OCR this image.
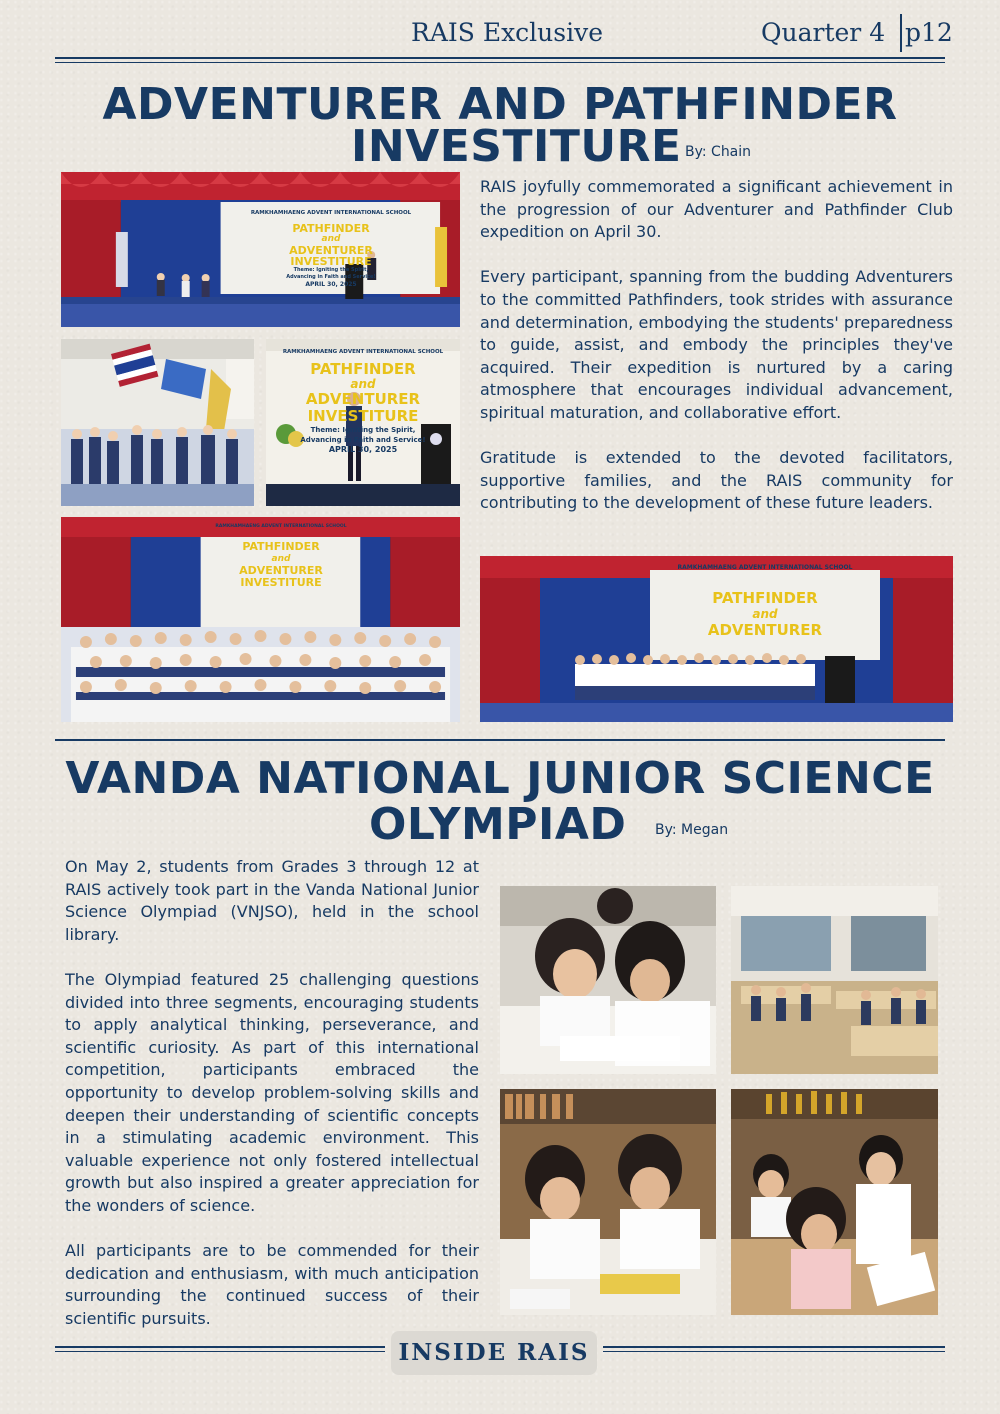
RAIS Exclusive	Quarter 4 p12
ADVENTURER AND PATHFINDER
INVESTITURE By: Chain

RAIS joyfully commemorated a significant achievement in the progression of our Adventurer and Pathfinder Club expedition on April 30.

Every participant, spanning from the budding Adventurers to the committed Pathfinders, took strides with assurance and determination, embodying the students' preparedness to guide, assist, and embody the principles they've acquired. Their expedition is nurtured by a caring atmosphere that encourages individual advancement, spiritual maturation, and collaborative effort.

Gratitude is extended to the devoted facilitators, supportive families, and the RAIS community for contributing to the development of these future leaders.

RAMKHAMHAENG ADVENT INTERNATIONAL SCHOOL
PATHFINDER
and
ADVENTURER
INVESTITURE
Theme: Igniting the Spirit,
Advancing in Faith and Service!
APRIL 30, 2025
RAMKHAMHAENG ADVENT INTERNATIONAL SCHOOL
PATHFINDER
and
ADVENTURER
INVESTITURE
Theme: Igniting the Spirit,
Advancing in Faith and Service!
APRIL 30, 2025
RAMKHAMHAENG ADVENT INTERNATIONAL SCHOOL
PATHFINDER
and
ADVENTURER
INVESTITURE
RAMKHAMHAENG ADVENT INTERNATIONAL SCHOOL
PATHFINDER
and
ADVENTURER
VANDA NATIONAL JUNIOR SCIENCE
OLYMPIAD By: Megan

On May 2, students from Grades 3 through 12 at RAIS actively took part in the Vanda National Junior Science Olympiad (VNJSO), held in the school library.

The Olympiad featured 25 challenging questions divided into three segments, encouraging students to apply analytical thinking, perseverance, and scientific curiosity. As part of this international competition, participants embraced the opportunity to develop problem-solving skills and deepen their understanding of scientific concepts in a stimulating academic environment. This valuable experience not only fostered intellectual growth but also inspired a greater appreciation for the wonders of science.

All participants are to be commended for their dedication and enthusiasm, with much anticipation surrounding the continued success of their scientific pursuits.

INSIDE RAIS
